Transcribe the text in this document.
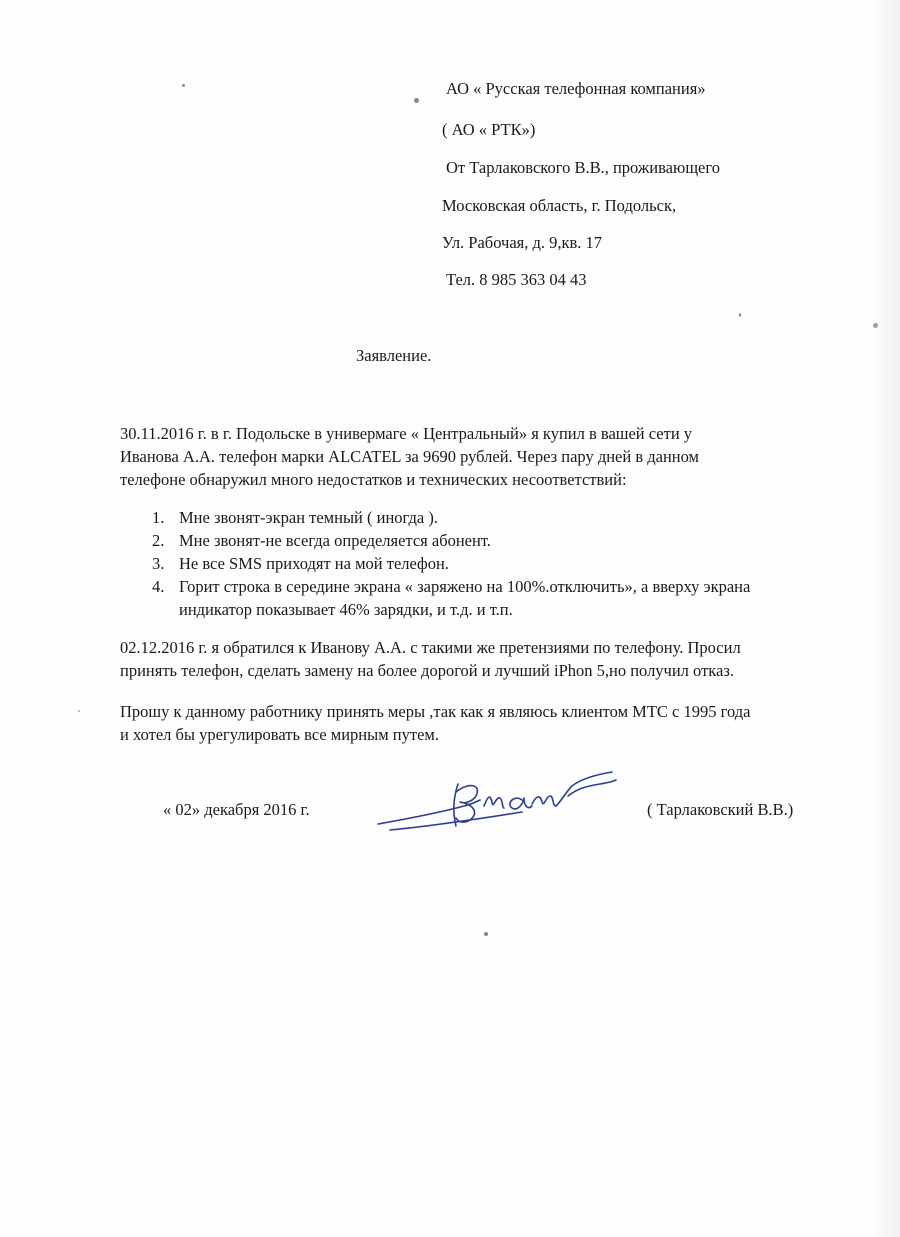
АО « Русская телефонная компания»
( АО « РТК»)
От Тарлаковского В.В., проживающего
Московская область, г. Подольск,
Ул. Рабочая, д. 9,кв. 17
Тел. 8 985 363 04 43
Заявление.
30.11.2016 г. в г. Подольске в универмаге « Центральный» я купил в вашей сети у
Иванова А.А. телефон марки ALCATEL за 9690 рублей. Через пару дней в данном
телефоне обнаружил много недостатков и технических несоответствий:
1. Мне звонят-экран темный ( иногда ).
2. Мне звонят-не всегда определяется абонент.
3. Не все SMS приходят на мой телефон.
4. Горит строка в середине экрана « заряжено на 100%.отключить», а вверху экрана
индикатор показывает 46% зарядки, и т.д. и т.п.
02.12.2016 г. я обратился к Иванову А.А. с такими же претензиями по телефону. Просил
принять телефон, сделать замену на более дорогой и лучший iPhon 5,но получил отказ.
Прошу к данному работнику принять меры ,так как я являюсь клиентом МТС с 1995 года
и хотел бы урегулировать все мирным путем.
« 02» декабря 2016 г.	( Тарлаковский В.В.)
